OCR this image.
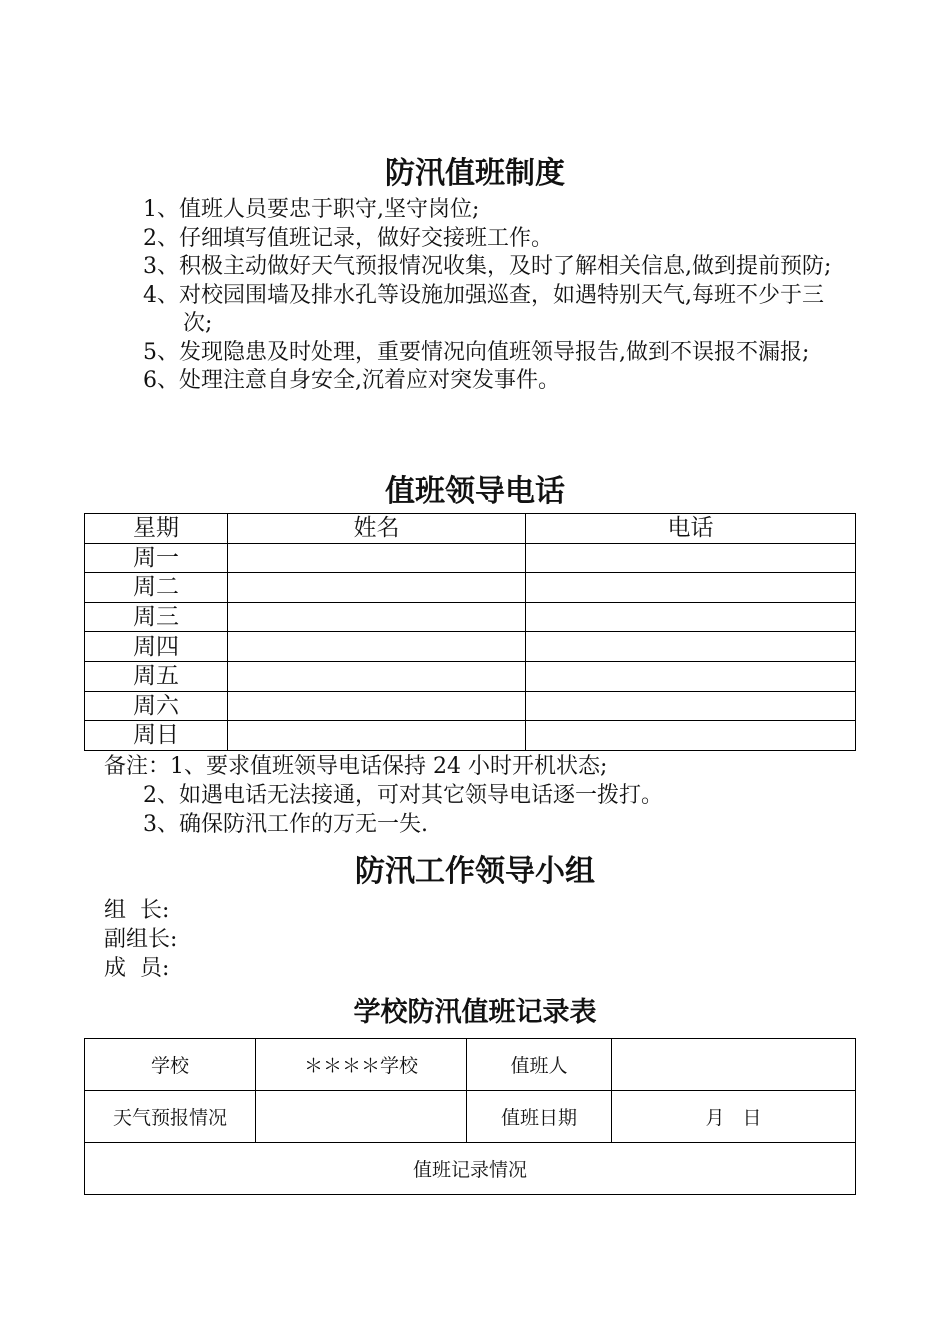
防汛值班制度
1、值班人员要忠于职守,坚守岗位;
2、仔细填写值班记录，做好交接班工作。
3、积极主动做好天气预报情况收集，及时了解相关信息,做到提前预防;
4、对校园围墙及排水孔等设施加强巡查，如遇特别天气,每班不少于三次;
5、发现隐患及时处理，重要情况向值班领导报告,做到不误报不漏报;
6、处理注意自身安全,沉着应对突发事件。
值班领导电话
星期	姓名	电话
周一		
周二		
周三		
周四		
周五		
周六		
周日		
备注：1、要求值班领导电话保持 24 小时开机状态;
2、如遇电话无法接通，可对其它领导电话逐一拨打。
3、确保防汛工作的万无一失.
防汛工作领导小组
组  长:
副组长:
成  员:
学校防汛值班记录表
学校	＊＊＊＊学校	值班人	
天气预报情况		值班日期	月   日
值班记录情况			
